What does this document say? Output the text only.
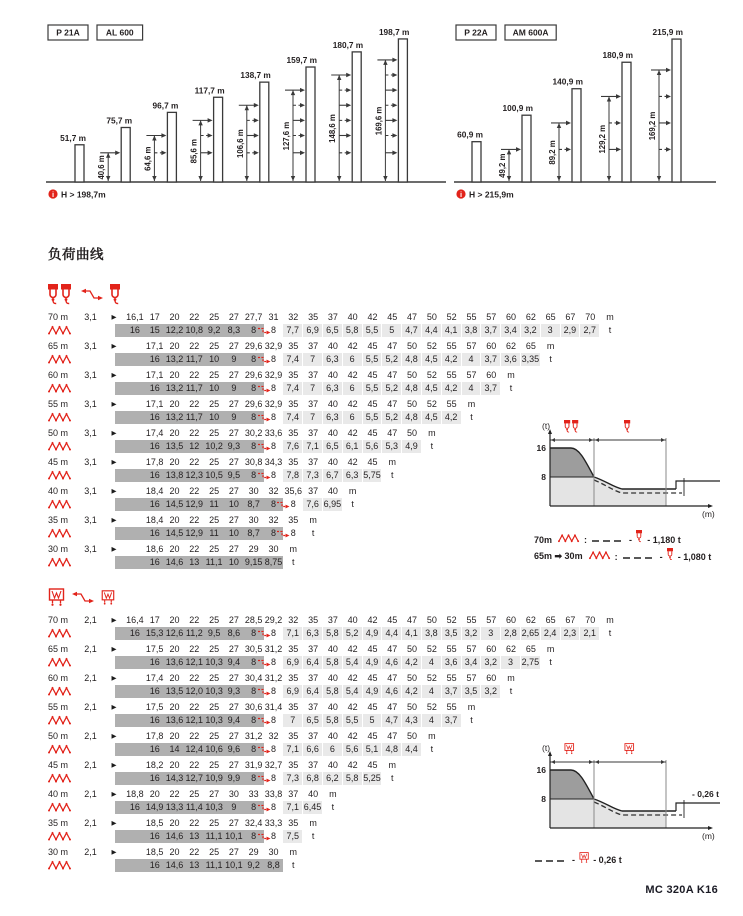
P 21A	AL 600
51,7 m
40,6 m
75,7 m
64,6 m
96,7 m
85,6 m
117,7 m
106,6 m
138,7 m
127,6 m
159,7 m
148,6 m
180,7 m
169,6 m
198,7 m
i H > 198,7m
P 22A	AM 600A
60,9 m
49,2 m
100,9 m
89,2 m
140,9 m
129,2 m
180,9 m
169,2 m
215,9 m
i H > 215,9m
负荷曲线
70 m	3,1	▶	16,1 17	20	22	25	27 27,7 31	32	35	37	40	42	45	47	50	52	55	57	60	62	65	67	70	m
16	15 12,2 10,8 9,2 8,3	8	8	7,7 6,9 6,5 5,8 5,5	5	4,7 4,4 4,1 3,8 3,7 3,4 3,2	3	2,9 2,7	t
65 m	3,1	▶	17,1 20	22	25	27 29,6 32,9 35	37	40	42	45	47	50	52	55	57	60	62	65	m
16 13,2 11,7 10	9	8	8	7,4	7	6,3	6	5,5 5,2 4,8 4,5 4,2	4	3,7 3,6 3,35	t
60 m	3,1	▶	17,1 20	22	25	27 29,6 32,9 35	37	40	42	45	47	50	52	55	57	60	m
16 13,2 11,7 10	9	8	8	7,4	7	6,3	6	5,5 5,2 4,8 4,5 4,2	4	3,7	t
55 m	3,1	▶	17,1 20	22	25	27 29,6 32,9 35	37	40	42	45	47	50	52	55	m
16 13,2 11,7 10	9	8	8	7,4	7	6,3	6	5,5 5,2 4,8 4,5 4,2	t
50 m	3,1	▶	17,4 20	22	25	27 30,2 33,6 35	37	40	42	45	47	50	m
16 13,5 12 10,2 9,3	8	8	7,6 7,1 6,5 6,1 5,6 5,3 4,9	t
45 m	3,1	▶	17,8 20	22	25	27 30,8 34,3 35	37	40	42	45	m
16 13,8 12,3 10,5 9,5	8	8	7,8 7,3 6,7 6,3 5,75	t
40 m	3,1	▶	18,4 20	22	25	27	30	32 35,6 37	40	m
16 14,5 12,9 11	10 8,7	8	8	7,6 6,95	t
35 m	3,1	▶	18,4 20	22	25	27	30	32	35	m
16 14,5 12,9 11	10 8,7	8	8	t
30 m	3,1	▶	18,6 20	22	25	27	29	30	m
16 14,6 13 11,1 10 9,15 8,75	t
70 m	2,1	▶	16,4 17	20	22	25	27 28,5 29,2 32	35	37	40	42	45	47	50	52	55	57	60	62	65	67	70	m
16 15,3 12,6 11,2 9,5 8,6	8	8	7,1 6,3 5,8 5,2 4,9 4,4 4,1 3,8 3,5 3,2	3	2,8 2,65 2,4 2,3 2,1	t
65 m	2,1	▶	17,5 20	22	25	27 30,5 31,2 35	37	40	42	45	47	50	52	55	57	60	62	65	m
16 13,6 12,1 10,3 9,4	8	8	6,9 6,4 5,8 5,4 4,9 4,6 4,2	4	3,6 3,4 3,2	3 2,75	t
60 m	2,1	▶	17,4 20	22	25	27 30,4 31,2 35	37	40	42	45	47	50	52	55	57	60	m
16 13,5 12,0 10,3 9,3	8	8	6,9 6,4 5,8 5,4 4,9 4,6 4,2	4	3,7 3,5 3,2	t
55 m	2,1	▶	17,5 20	22	25	27 30,6 31,4 35	37	40	42	45	47	50	52	55	m
16 13,6 12,1 10,3 9,4	8	8	7	6,5 5,8 5,5	5	4,7 4,3	4	3,7	t
50 m	2,1	▶	17,8 20	22	25	27 31,2 32	35	37	40	42	45	47	50	m
16	14 12,4 10,6 9,6	8	8	7,1 6,6	6	5,6 5,1 4,8 4,4	t
45 m	2,1	▶	18,2 20	22	25	27 31,9 32,7 35	37	40	42	45	m
16 14,3 12,7 10,9 9,9	8	8	7,3 6,8 6,2 5,8 5,25	t
40 m	2,1	▶	18,8 20	22	25	27	30	33 33,8 37	40	m
16 14,9 13,3 11,4 10,3 9	8	8	7,1 6,45	t
35 m	2,1	▶	18,5 20	22	25	27 32,4 33,3 35	m
16 14,6 13 11,1 10,1 8	8	7,5	t
30 m	2,1	▶	18,5 20	22	25	27	29	30	m
16 14,6 13 11,1 10,1 9,2 8,8	t
(t)
(m)
16
8
70m	:	- - 1,180 t
65m ➡ 30m	:	- - 1,080 t
(t)
(m)
16
8	- 0,26 t
- - 0,26 t
MC 320A K16
